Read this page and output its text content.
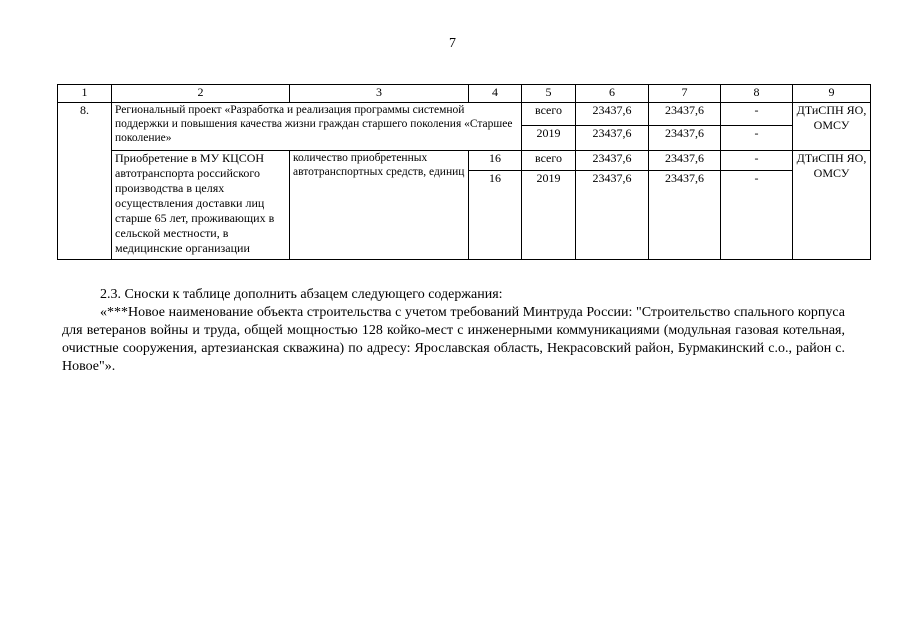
7
1	2	3	4	5	6	7	8	9
8.	Региональный проект «Разработка и реализация программы системной поддержки и повышения качества жизни граждан старшего поколения «Старшее поколение»			всего	23437,6	23437,6	-	ДТиСПН ЯО, ОМСУ
				2019	23437,6	23437,6	-	
	Приобретение в МУ КЦСОН автотранспорта российского производства в целях осуществления доставки лиц старше 65 лет, проживающих в сельской местности, в медицинские организации	количество приобретенных автотранспортных средств, единиц	16	всего	23437,6	23437,6	-	ДТиСПН ЯО, ОМСУ
			16	2019	23437,6	23437,6	-	

2.3. Сноски к таблице дополнить абзацем следующего содержания:

«***Новое наименование объекта строительства с учетом требований Минтруда России: "Строительство спального корпуса для ветеранов войны и труда, общей мощностью 128 койко-мест с инженерными коммуникациями (модульная газовая котельная, очистные сооружения, артезианская скважина) по адресу: Ярославская область, Некрасовский район, Бурмакинский с.о., район с. Новое"».
